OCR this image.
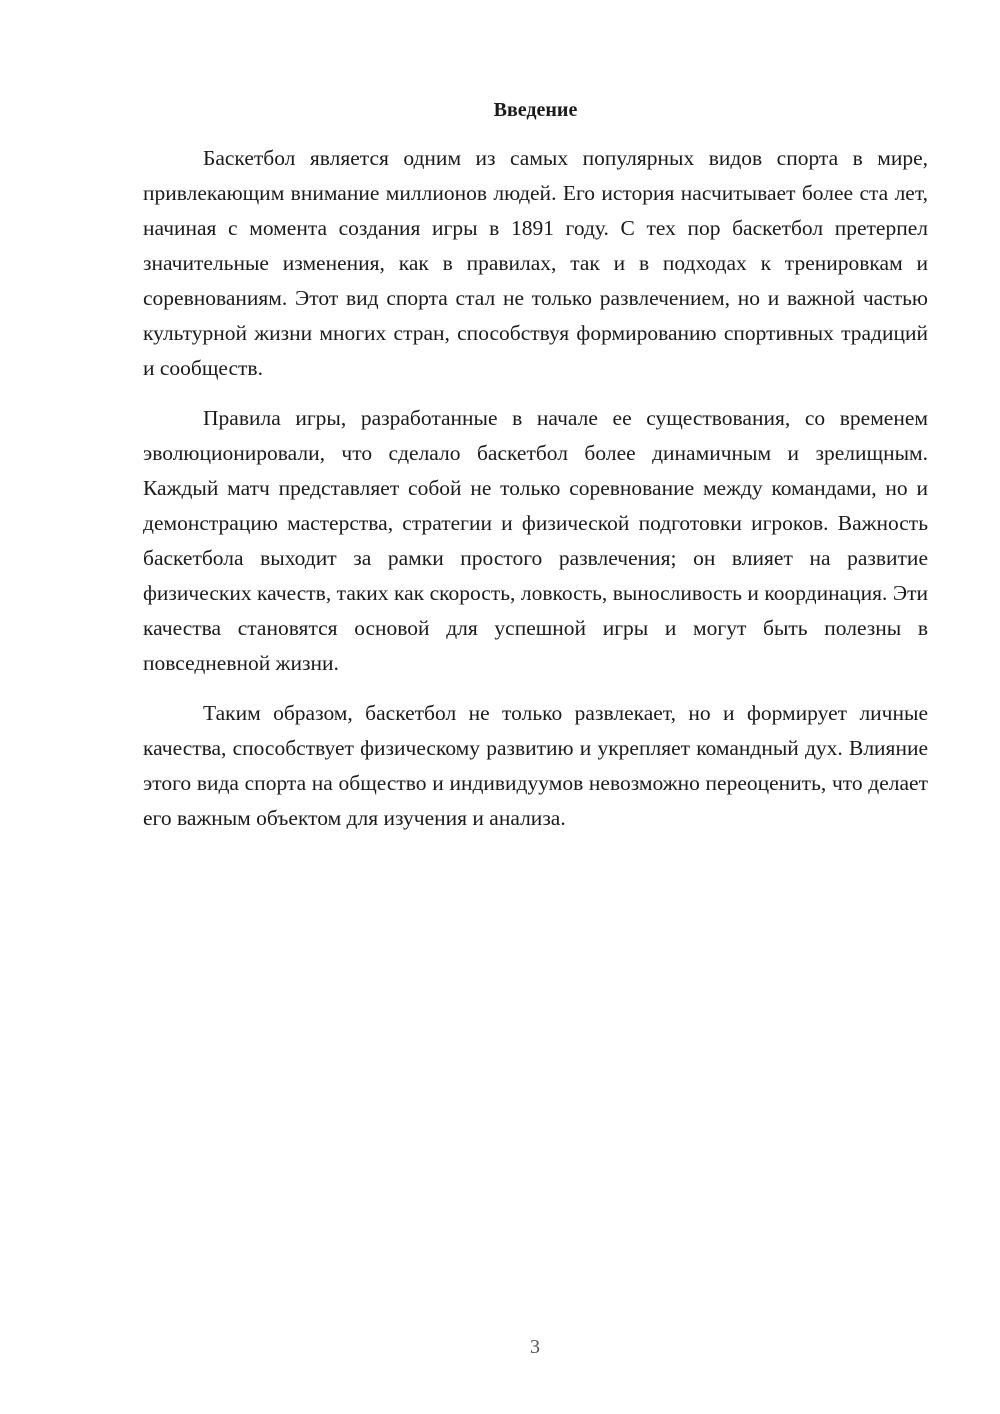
Введение

Баскетбол является одним из самых популярных видов спорта в мире, привлекающим внимание миллионов людей. Его история насчитывает более ста лет, начиная с момента создания игры в 1891 году. С тех пор баскетбол претерпел значительные изменения, как в правилах, так и в подходах к тренировкам и соревнованиям. Этот вид спорта стал не только развлечением, но и важной частью культурной жизни многих стран, способствуя формированию спортивных традиций и сообществ.

Правила игры, разработанные в начале ее существования, со временем эволюционировали, что сделало баскетбол более динамичным и зрелищным. Каждый матч представляет собой не только соревнование между командами, но и демонстрацию мастерства, стратегии и физической подготовки игроков. Важность баскетбола выходит за рамки простого развлечения; он влияет на развитие физических качеств, таких как скорость, ловкость, выносливость и координация. Эти качества становятся основой для успешной игры и могут быть полезны в повседневной жизни.

Таким образом, баскетбол не только развлекает, но и формирует личные качества, способствует физическому развитию и укрепляет командный дух. Влияние этого вида спорта на общество и индивидуумов невозможно переоценить, что делает его важным объектом для изучения и анализа.

3
